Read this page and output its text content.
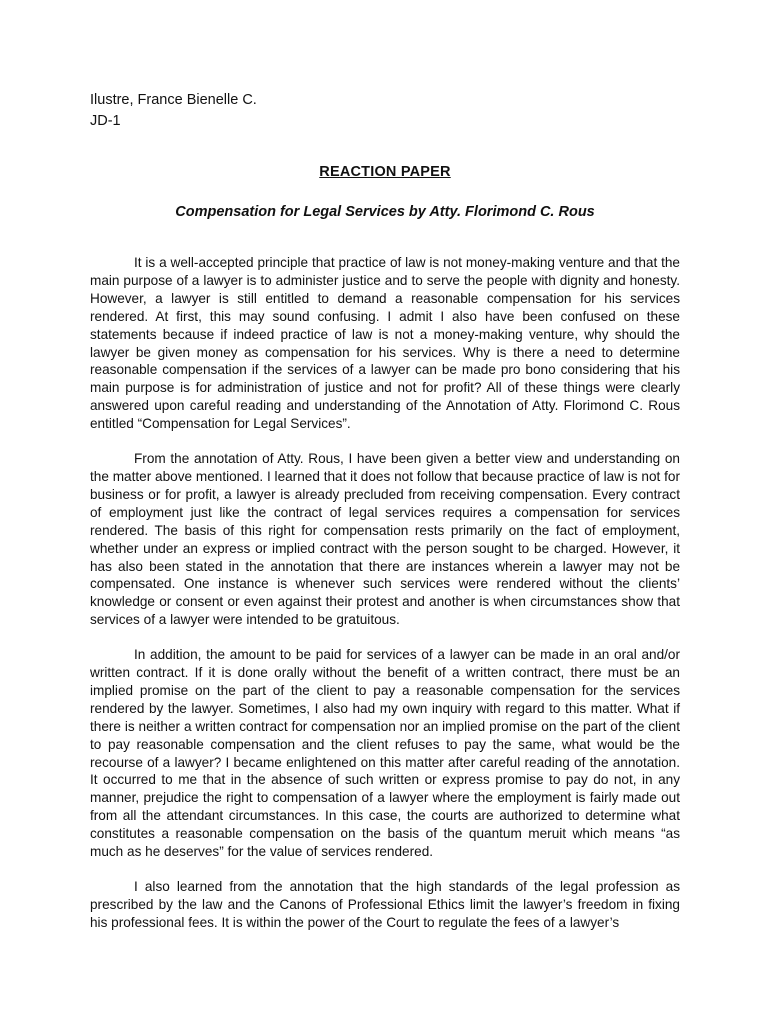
Ilustre, France Bienelle C.
JD-1
REACTION PAPER
Compensation for Legal Services by Atty. Florimond C. Rous

It is a well-accepted principle that practice of law is not money-making venture and that the main purpose of a lawyer is to administer justice and to serve the people with dignity and honesty. However, a lawyer is still entitled to demand a reasonable compensation for his services rendered. At first, this may sound confusing. I admit I also have been confused on these statements because if indeed practice of law is not a money-making venture, why should the lawyer be given money as compensation for his services. Why is there a need to determine reasonable compensation if the services of a lawyer can be made pro bono considering that his main purpose is for administration of justice and not for profit? All of these things were clearly answered upon careful reading and understanding of the Annotation of Atty. Florimond C. Rous entitled “Compensation for Legal Services”.

From the annotation of Atty. Rous, I have been given a better view and understanding on the matter above mentioned. I learned that it does not follow that because practice of law is not for business or for profit, a lawyer is already precluded from receiving compensation. Every contract of employment just like the contract of legal services requires a compensation for services rendered. The basis of this right for compensation rests primarily on the fact of employment, whether under an express or implied contract with the person sought to be charged. However, it has also been stated in the annotation that there are instances wherein a lawyer may not be compensated. One instance is whenever such services were rendered without the clients’ knowledge or consent or even against their protest and another is when circumstances show that services of a lawyer were intended to be gratuitous.

In addition, the amount to be paid for services of a lawyer can be made in an oral and/or written contract. If it is done orally without the benefit of a written contract, there must be an implied promise on the part of the client to pay a reasonable compensation for the services rendered by the lawyer. Sometimes, I also had my own inquiry with regard to this matter. What if there is neither a written contract for compensation nor an implied promise on the part of the client to pay reasonable compensation and the client refuses to pay the same, what would be the recourse of a lawyer? I became enlightened on this matter after careful reading of the annotation. It occurred to me that in the absence of such written or express promise to pay do not, in any manner, prejudice the right to compensation of a lawyer where the employment is fairly made out from all the attendant circumstances. In this case, the courts are authorized to determine what constitutes a reasonable compensation on the basis of the quantum meruit which means “as much as he deserves” for the value of services rendered.

I also learned from the annotation that the high standards of the legal profession as prescribed by the law and the Canons of Professional Ethics limit the lawyer’s freedom in fixing his professional fees. It is within the power of the Court to regulate the fees of a lawyer’s
